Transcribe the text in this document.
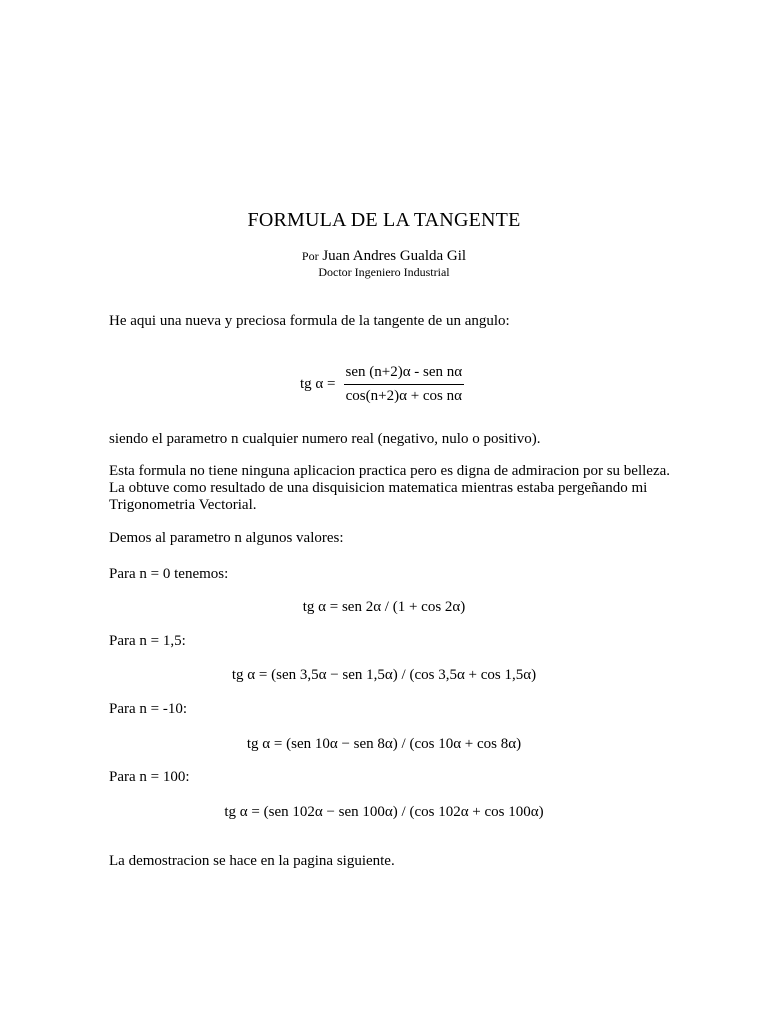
FORMULA DE LA TANGENTE
Por Juan Andres Gualda Gil
Doctor Ingeniero Industrial
He aqui una nueva y preciosa formula de la tangente de un angulo:
tg $\alpha = \frac{\text{sen (n+2)α - sen nα}}{\text{cos(n+2)α + cos nα}}$
siendo el parametro n cualquier numero real (negativo, nulo o positivo).
Esta formula no tiene ninguna aplicacion practica pero es digna de admiracion por su belleza.
La obtuve como resultado de una disquisicion matematica mientras estaba pergeñando mi
Trigonometria Vectorial.
Demos al parametro n algunos valores:
Para n = 0 tenemos:
tg α = sen 2α / (1 + cos 2α)
Para n = 1,5:
tg α = (sen 3,5α − sen 1,5α) / (cos 3,5α + cos 1,5α)
Para n = -10:
tg α = (sen 10α − sen 8α) / (cos 10α + cos 8α)
Para n = 100:
tg α = (sen 102α − sen 100α) / (cos 102α + cos 100α)
La demostracion se hace en la pagina siguiente.
